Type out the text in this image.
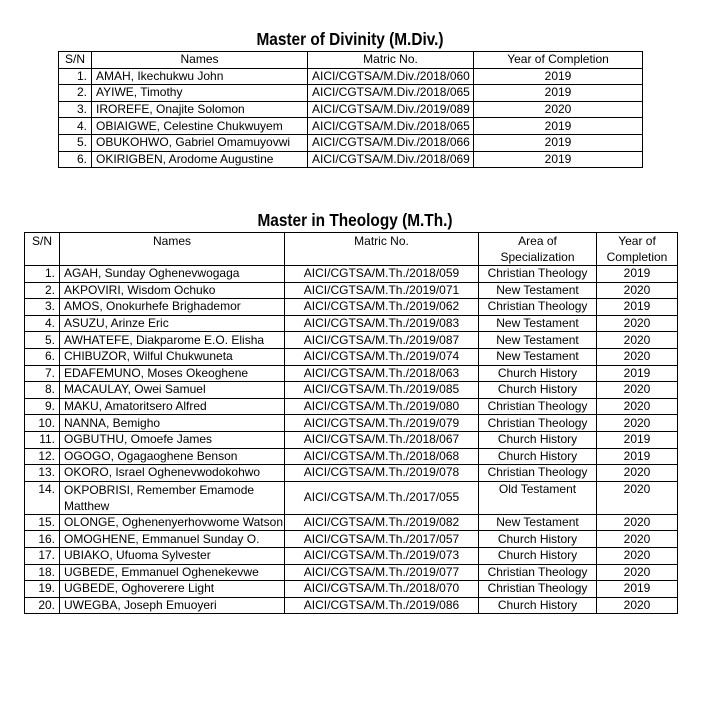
Master of Divinity (M.Div.)
S/N	Names	Matric No.	Year of Completion
1.	AMAH, Ikechukwu John	AICI/CGTSA/M.Div./2018/060	2019
2.	AYIWE, Timothy	AICI/CGTSA/M.Div./2018/065	2019
3.	IROREFE, Onajite Solomon	AICI/CGTSA/M.Div./2019/089	2020
4.	OBIAIGWE, Celestine Chukwuyem	AICI/CGTSA/M.Div./2018/065	2019
5.	OBUKOHWO, Gabriel Omamuyovwi	AICI/CGTSA/M.Div./2018/066	2019
6.	OKIRIGBEN, Arodome Augustine	AICI/CGTSA/M.Div./2018/069	2019
Master in Theology (M.Th.)
S/N	Names	Matric No.	Area of Specialization	Year of Completion
1.	AGAH, Sunday Oghenevwogaga	AICI/CGTSA/M.Th./2018/059	Christian Theology	2019
2.	AKPOVIRI, Wisdom Ochuko	AICI/CGTSA/M.Th./2019/071	New Testament	2020
3.	AMOS, Onokurhefe Brighademor	AICI/CGTSA/M.Th./2019/062	Christian Theology	2019
4.	ASUZU, Arinze Eric	AICI/CGTSA/M.Th./2019/083	New Testament	2020
5.	AWHATEFE, Diakparome E.O. Elisha	AICI/CGTSA/M.Th./2019/087	New Testament	2020
6.	CHIBUZOR, Wilful Chukwuneta	AICI/CGTSA/M.Th./2019/074	New Testament	2020
7.	EDAFEMUNO, Moses Okeoghene	AICI/CGTSA/M.Th./2018/063	Church History	2019
8.	MACAULAY, Owei Samuel	AICI/CGTSA/M.Th./2019/085	Church History	2020
9.	MAKU, Amatoritsero Alfred	AICI/CGTSA/M.Th./2019/080	Christian Theology	2020
10.	NANNA, Bemigho	AICI/CGTSA/M.Th./2019/079	Christian Theology	2020
11.	OGBUTHU, Omoefe James	AICI/CGTSA/M.Th./2018/067	Church History	2019
12.	OGOGO, Ogagaoghene Benson	AICI/CGTSA/M.Th./2018/068	Church History	2019
13.	OKORO, Israel Oghenevwodokohwo	AICI/CGTSA/M.Th./2019/078	Christian Theology	2020
14.	OKPOBRISI, Remember Emamode Matthew	AICI/CGTSA/M.Th./2017/055	Old Testament	2020
15.	OLONGE, Oghenenyerhovwome Watson	AICI/CGTSA/M.Th./2019/082	New Testament	2020
16.	OMOGHENE, Emmanuel Sunday O.	AICI/CGTSA/M.Th./2017/057	Church History	2020
17.	UBIAKO, Ufuoma Sylvester	AICI/CGTSA/M.Th./2019/073	Church History	2020
18.	UGBEDE, Emmanuel Oghenekevwe	AICI/CGTSA/M.Th./2019/077	Christian Theology	2020
19.	UGBEDE, Oghoverere Light	AICI/CGTSA/M.Th./2018/070	Christian Theology	2019
20.	UWEGBA, Joseph Emuoyeri	AICI/CGTSA/M.Th./2019/086	Church History	2020
